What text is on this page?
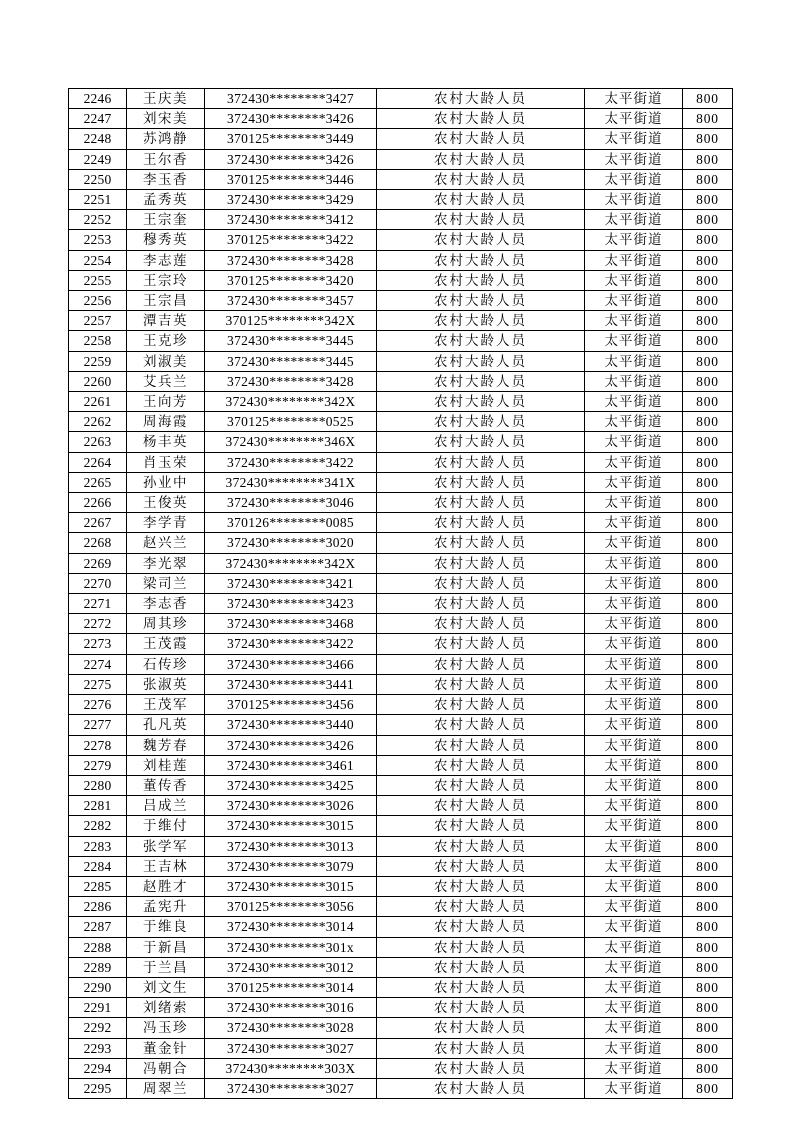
2246	王庆美	372430********3427	农村大龄人员	太平街道	800
2247	刘宋美	372430********3426	农村大龄人员	太平街道	800
2248	苏鸿静	370125********3449	农村大龄人员	太平街道	800
2249	王尔香	372430********3426	农村大龄人员	太平街道	800
2250	李玉香	370125********3446	农村大龄人员	太平街道	800
2251	孟秀英	372430********3429	农村大龄人员	太平街道	800
2252	王宗奎	372430********3412	农村大龄人员	太平街道	800
2253	穆秀英	370125********3422	农村大龄人员	太平街道	800
2254	李志莲	372430********3428	农村大龄人员	太平街道	800
2255	王宗玲	370125********3420	农村大龄人员	太平街道	800
2256	王宗昌	372430********3457	农村大龄人员	太平街道	800
2257	潭吉英	370125********342X	农村大龄人员	太平街道	800
2258	王克珍	372430********3445	农村大龄人员	太平街道	800
2259	刘淑美	372430********3445	农村大龄人员	太平街道	800
2260	艾兵兰	372430********3428	农村大龄人员	太平街道	800
2261	王向芳	372430********342X	农村大龄人员	太平街道	800
2262	周海霞	370125********0525	农村大龄人员	太平街道	800
2263	杨丰英	372430********346X	农村大龄人员	太平街道	800
2264	肖玉荣	372430********3422	农村大龄人员	太平街道	800
2265	孙业中	372430********341X	农村大龄人员	太平街道	800
2266	王俊英	372430********3046	农村大龄人员	太平街道	800
2267	李学青	370126********0085	农村大龄人员	太平街道	800
2268	赵兴兰	372430********3020	农村大龄人员	太平街道	800
2269	李光翠	372430********342X	农村大龄人员	太平街道	800
2270	梁司兰	372430********3421	农村大龄人员	太平街道	800
2271	李志香	372430********3423	农村大龄人员	太平街道	800
2272	周其珍	372430********3468	农村大龄人员	太平街道	800
2273	王茂霞	372430********3422	农村大龄人员	太平街道	800
2274	石传珍	372430********3466	农村大龄人员	太平街道	800
2275	张淑英	372430********3441	农村大龄人员	太平街道	800
2276	王茂军	370125********3456	农村大龄人员	太平街道	800
2277	孔凡英	372430********3440	农村大龄人员	太平街道	800
2278	魏芳春	372430********3426	农村大龄人员	太平街道	800
2279	刘桂莲	372430********3461	农村大龄人员	太平街道	800
2280	董传香	372430********3425	农村大龄人员	太平街道	800
2281	吕成兰	372430********3026	农村大龄人员	太平街道	800
2282	于维付	372430********3015	农村大龄人员	太平街道	800
2283	张学军	372430********3013	农村大龄人员	太平街道	800
2284	王吉林	372430********3079	农村大龄人员	太平街道	800
2285	赵胜才	372430********3015	农村大龄人员	太平街道	800
2286	孟宪升	370125********3056	农村大龄人员	太平街道	800
2287	于维良	372430********3014	农村大龄人员	太平街道	800
2288	于新昌	372430********301x	农村大龄人员	太平街道	800
2289	于兰昌	372430********3012	农村大龄人员	太平街道	800
2290	刘文生	370125********3014	农村大龄人员	太平街道	800
2291	刘绪索	372430********3016	农村大龄人员	太平街道	800
2292	冯玉珍	372430********3028	农村大龄人员	太平街道	800
2293	董金针	372430********3027	农村大龄人员	太平街道	800
2294	冯朝合	372430********303X	农村大龄人员	太平街道	800
2295	周翠兰	372430********3027	农村大龄人员	太平街道	800
